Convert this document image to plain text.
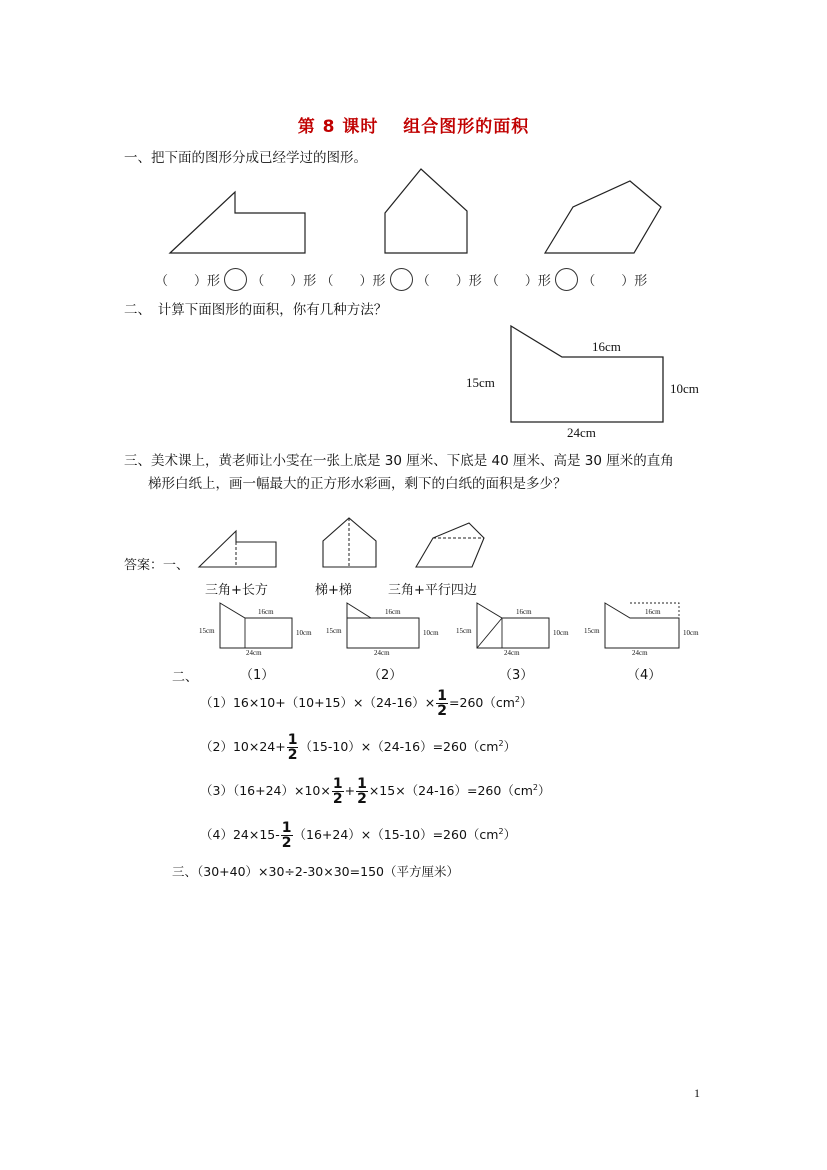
第 8 课时　 组合图形的面积
一、把下面的图形分成已经学过的图形。
（　　）形 （　　）形 （　　）形 （　　）形 （　　）形 （　　）形
二、　计算下面图形的面积，你有几种方法？
16cm
15cm	10cm
24cm
三、美术课上，黄老师让小雯在一张上底是 30 厘米、下底是 40 厘米、高是 30 厘米的直角
梯形白纸上，画一幅最大的正方形水彩画，剩下的白纸的面积是多少？
答案：一、
三角+长方	梯+梯	三角+平行四边
16cm
15cm	10cm
24cm
16cm
15cm	10cm
24cm
16cm
15cm	10cm
24cm
16cm
15cm	10cm
24cm
二、	（1）	（2）	（3）	（4）
$(1)16\times 10+(10+15)\times(24-16)\times \frac{1}{2} =260(cm^2)$
$(2)10\times 24+ \frac{1}{2} (15-10)\times(24-16)=260(cm^2)$
$(3)(16+24)\times 10\times \frac{1}{2} + \frac{1}{2} \times 15\times(24-16)=260(cm^2)$
$(4)24\times 15- \frac{1}{2} (16+24)\times(15-10)=260(cm^2)$
三、（30+40）×30÷2-30×30=150（平方厘米）
1
